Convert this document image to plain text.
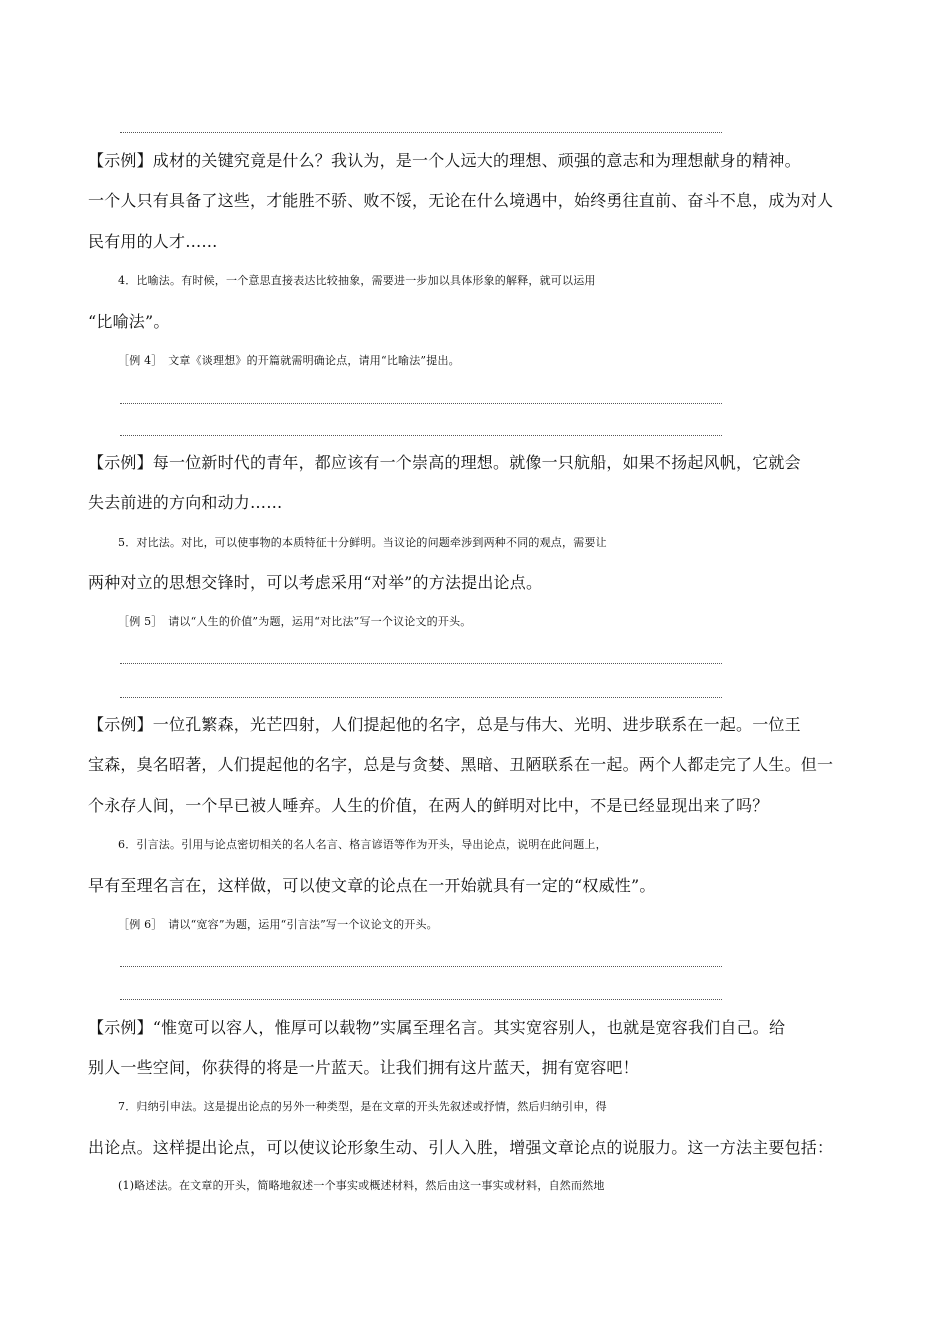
【示例】成材的关键究竟是什么？我认为，是一个人远大的理想、顽强的意志和为理想献身的精神。
一个人只有具备了这些，才能胜不骄、败不馁，无论在什么境遇中，始终勇往直前、奋斗不息，成为对人
民有用的人才……
4．比喻法。有时候，一个意思直接表达比较抽象，需要进一步加以具体形象的解释，就可以运用
“比喻法”。
［例 4］　文章《谈理想》的开篇就需明确论点，请用“比喻法”提出。
【示例】每一位新时代的青年，都应该有一个崇高的理想。就像一只航船，如果不扬起风帆，它就会
失去前进的方向和动力……
5．对比法。对比，可以使事物的本质特征十分鲜明。当议论的问题牵涉到两种不同的观点，需要让
两种对立的思想交锋时，可以考虑采用“对举”的方法提出论点。
［例 5］　请以“人生的价值”为题，运用“对比法”写一个议论文的开头。
【示例】一位孔繁森，光芒四射，人们提起他的名字，总是与伟大、光明、进步联系在一起。一位王
宝森，臭名昭著，人们提起他的名字，总是与贪婪、黑暗、丑陋联系在一起。两个人都走完了人生。但一
个永存人间，一个早已被人唾弃。人生的价值，在两人的鲜明对比中，不是已经显现出来了吗？
6．引言法。引用与论点密切相关的名人名言、格言谚语等作为开头，导出论点，说明在此问题上，
早有至理名言在，这样做，可以使文章的论点在一开始就具有一定的“权威性”。
［例 6］　请以“宽容”为题，运用“引言法”写一个议论文的开头。
【示例】“惟宽可以容人，惟厚可以载物”实属至理名言。其实宽容别人，也就是宽容我们自己。给
别人一些空间，你获得的将是一片蓝天。让我们拥有这片蓝天，拥有宽容吧！
7．归纳引申法。这是提出论点的另外一种类型，是在文章的开头先叙述或抒情，然后归纳引申，得
出论点。这样提出论点，可以使议论形象生动、引人入胜，增强文章论点的说服力。这一方法主要包括：
(1)略述法。在文章的开头，简略地叙述一个事实或概述材料，然后由这一事实或材料，自然而然地
